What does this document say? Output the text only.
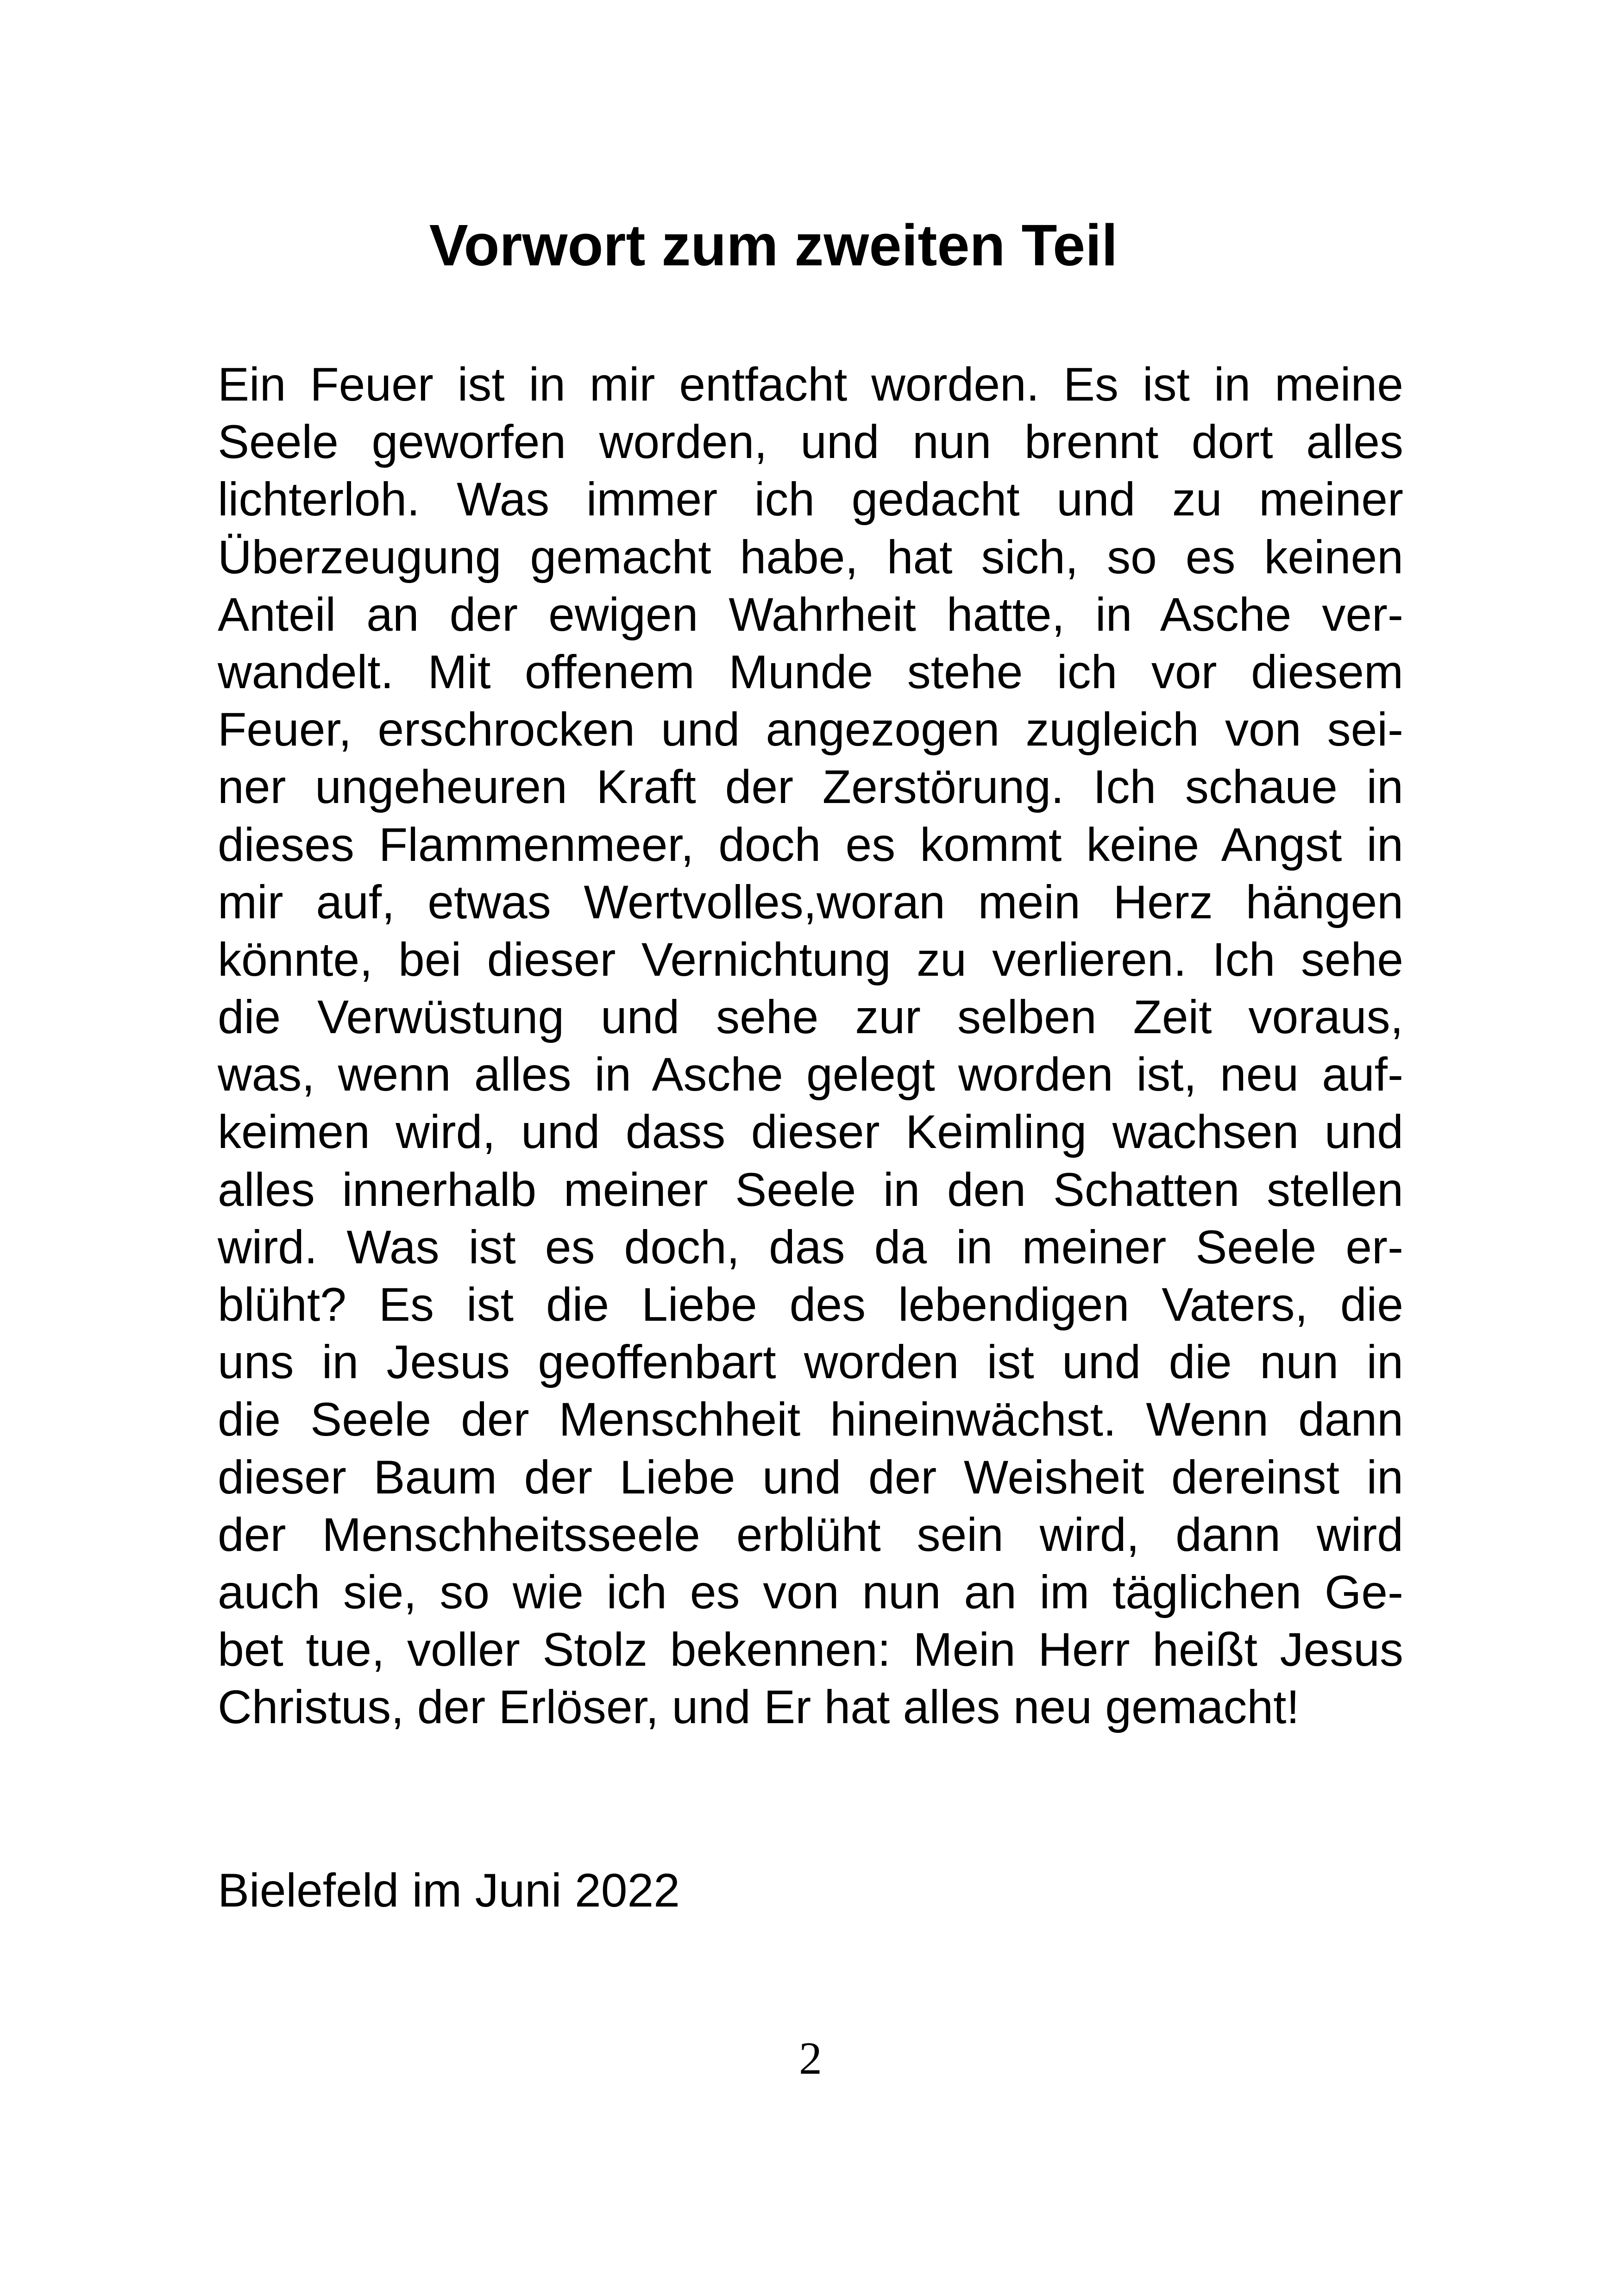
Vorwort zum zweiten Teil
Ein Feuer ist in mir entfacht worden. Es ist in meine
Seele geworfen worden, und nun brennt dort alles
lichterloh. Was immer ich gedacht und zu meiner
Überzeugung gemacht habe, hat sich, so es keinen
Anteil an der ewigen Wahrheit hatte, in Asche ver-
wandelt. Mit offenem Munde stehe ich vor diesem
Feuer, erschrocken und angezogen zugleich von sei-
ner ungeheuren Kraft der Zerstörung. Ich schaue in
dieses Flammenmeer, doch es kommt keine Angst in
mir auf, etwas Wertvolles,woran mein Herz hängen
könnte, bei dieser Vernichtung zu verlieren. Ich sehe
die Verwüstung und sehe zur selben Zeit voraus,
was, wenn alles in Asche gelegt worden ist, neu auf-
keimen wird, und dass dieser Keimling wachsen und
alles innerhalb meiner Seele in den Schatten stellen
wird. Was ist es doch, das da in meiner Seele er-
blüht? Es ist die Liebe des lebendigen Vaters, die
uns in Jesus geoffenbart worden ist und die nun in
die Seele der Menschheit hineinwächst. Wenn dann
dieser Baum der Liebe und der Weisheit dereinst in
der Menschheitsseele erblüht sein wird, dann wird
auch sie, so wie ich es von nun an im täglichen Ge-
bet tue, voller Stolz bekennen: Mein Herr heißt Jesus
Christus, der Erlöser, und Er hat alles neu gemacht!

Bielefeld im Juni 2022

2
